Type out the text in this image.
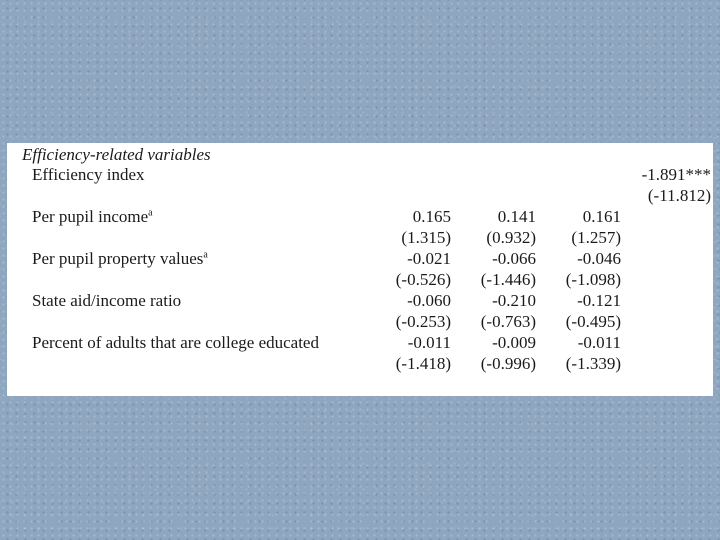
Efficiency-related variables
Efficiency index	-1.891***
(-11.812)
Per pupil income$^a$	0.165	0.141	0.161
(1.315) (0.932) (1.257)
Per pupil property values$^a$	-0.021 -0.066 -0.046
(-0.526) (-1.446) (-1.098)
State aid/income ratio	-0.060 -0.210 -0.121
(-0.253) (-0.763) (-0.495)
Percent of adults that are college educated	-0.011 -0.009 -0.011
(-1.418) (-0.996) (-1.339)
